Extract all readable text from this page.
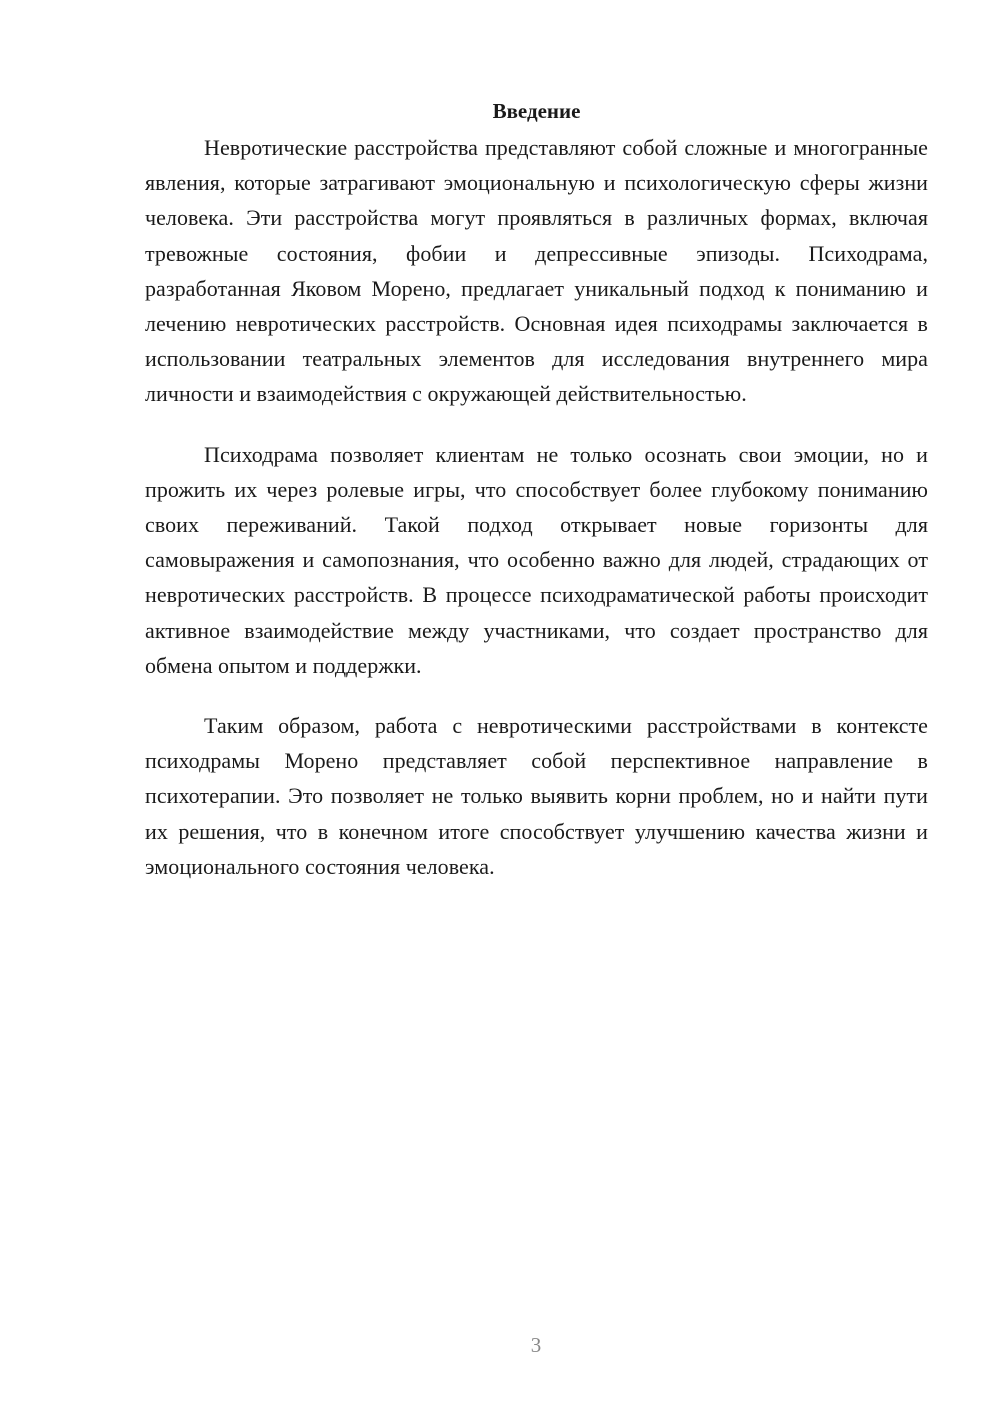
Введение

Невротические расстройства представляют собой сложные и многогранные явления, которые затрагивают эмоциональную и психологическую сферы жизни человека. Эти расстройства могут проявляться в различных формах, включая тревожные состояния, фобии и депрессивные эпизоды. Психодрама, разработанная Яковом Морено, предлагает уникальный подход к пониманию и лечению невротических расстройств. Основная идея психодрамы заключается в использовании театральных элементов для исследования внутреннего мира личности и взаимодействия с окружающей действительностью.

Психодрама позволяет клиентам не только осознать свои эмоции, но и прожить их через ролевые игры, что способствует более глубокому пониманию своих переживаний. Такой подход открывает новые горизонты для самовыражения и самопознания, что особенно важно для людей, страдающих от невротических расстройств. В процессе психодраматической работы происходит активное взаимодействие между участниками, что создает пространство для обмена опытом и поддержки.

Таким образом, работа с невротическими расстройствами в контексте психодрамы Морено представляет собой перспективное направление в психотерапии. Это позволяет не только выявить корни проблем, но и найти пути их решения, что в конечном итоге способствует улучшению качества жизни и эмоционального состояния человека.

3
